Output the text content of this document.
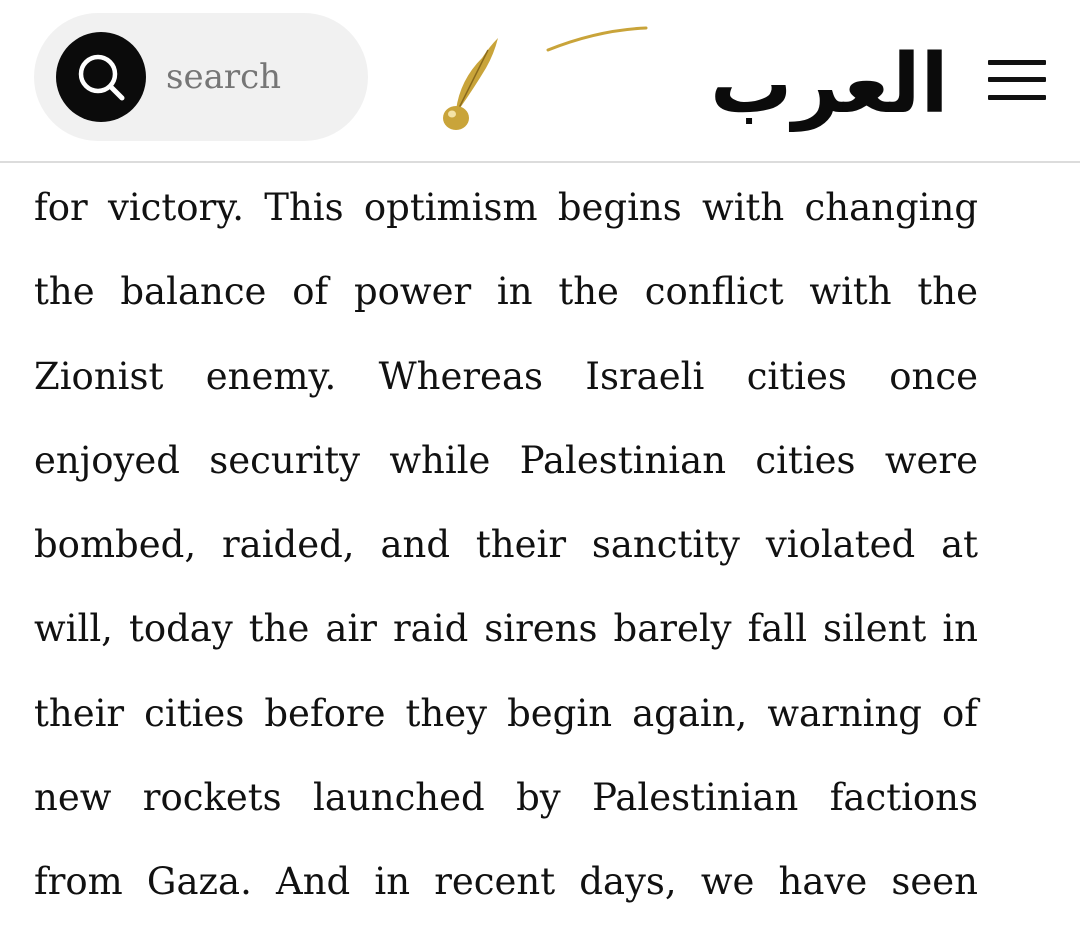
search
العرب
for victory. This optimism begins with changing
the balance of power in the conflict with the
Zionist enemy. Whereas Israeli cities once
enjoyed security while Palestinian cities were
bombed, raided, and their sanctity violated at
will, today the air raid sirens barely fall silent in
their cities before they begin again, warning of
new rockets launched by Palestinian factions
from Gaza. And in recent days, we have seen
